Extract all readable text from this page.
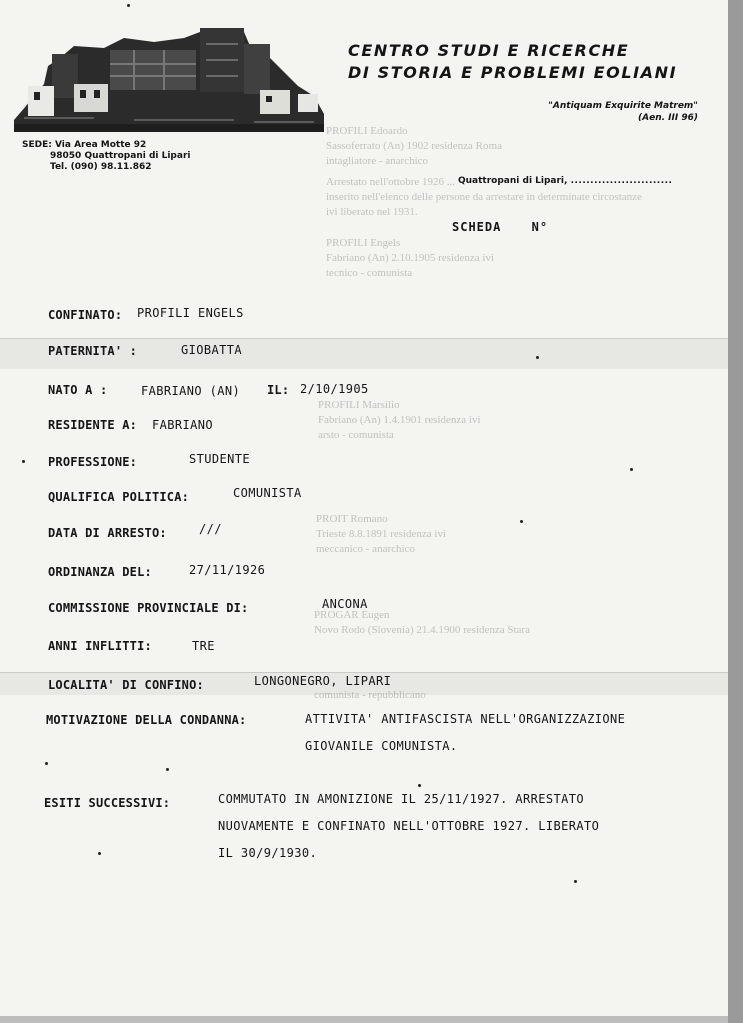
PROFILI Edoardo
Sassoferrato (An) 1902 residenza Roma
intagliatore - anarchico
Arrestato nell'ottobre 1926 ...
inserito nell'elenco delle persone da arrestare in determinate circostanze
ivi liberato nel 1931.
PROFILI Engels
Fabriano (An) 2.10.1905 residenza ivi
tecnico - comunista
PROFILI Marsilio
Fabriano (An) 1.4.1901 residenza ivi
arsto - comunista
PROIT Romano
Trieste 8.8.1891 residenza ivi
meccanico - anarchico
PROGAR Eugen
Novo Rodo (Slovenia) 21.4.1900 residenza Stara
comunista - repubblicano
CENTRO STUDI E RICERCHE
DI STORIA E PROBLEMI EOLIANI
"Antiquam Exquirite Matrem"
(Aen. III 96)
SEDE: Via Area Motte 92
98050 Quattropani di Lipari
Tel. (090) 98.11.862
Quattropani di Lipari, ..........................
SCHEDA	N°
CONFINATO: PROFILI ENGELS
PATERNITA' :	GIOBATTA
NATO A :	FABRIANO (AN) IL: 2/10/1905
RESIDENTE A: FABRIANO
PROFESSIONE:	STUDENTE
QUALIFICA POLITICA:	COMUNISTA
DATA DI ARRESTO:	///
ORDINANZA DEL:	27/11/1926
COMMISSIONE PROVINCIALE DI:	ANCONA
ANNI INFLITTI:	TRE
LOCALITA' DI CONFINO:	LONGONEGRO, LIPARI
MOTIVAZIONE DELLA CONDANNA:	ATTIVITA' ANTIFASCISTA NELL'ORGANIZZAZIONE
GIOVANILE COMUNISTA.
ESITI SUCCESSIVI:	COMMUTATO IN AMONIZIONE IL 25/11/1927. ARRESTATO
NUOVAMENTE E CONFINATO NELL'OTTOBRE 1927. LIBERATO
IL 30/9/1930.
